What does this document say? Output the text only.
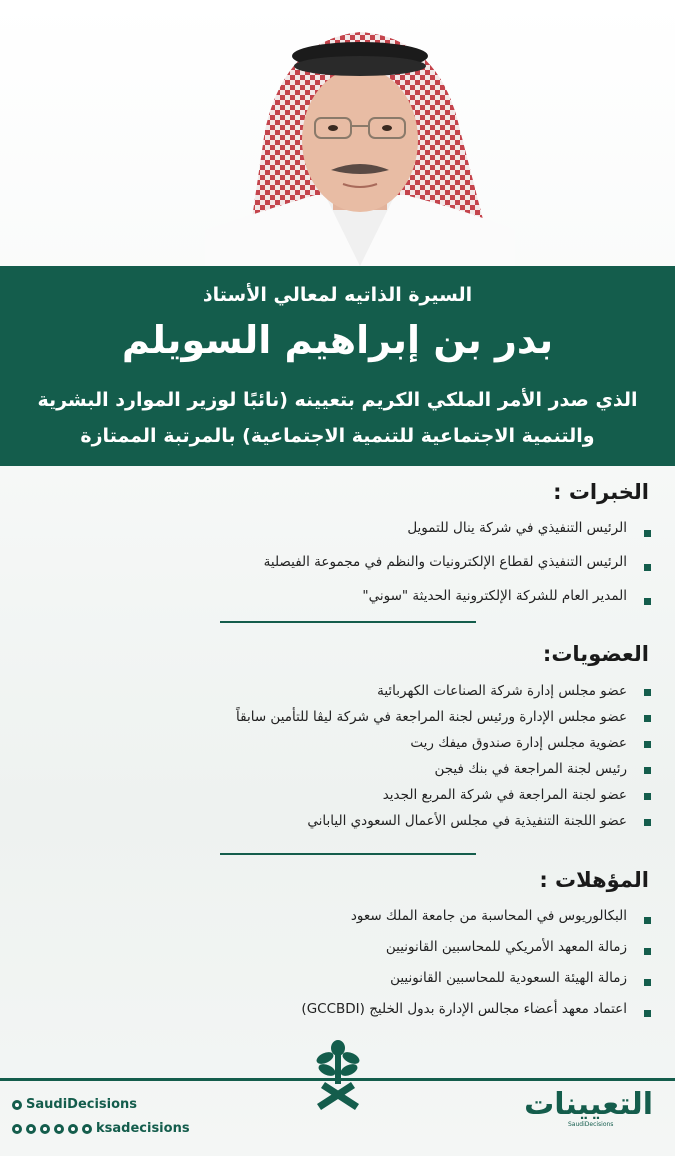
السيرة الذاتيه لمعالي الأستاذ
بدر بن إبراهيم السويلم
الذي صدر الأمر الملكي الكريم بتعيينه (نائبًا لوزير الموارد البشرية والتنمية الاجتماعية للتنمية الاجتماعية) بالمرتبة الممتازة
الخبرات :
الرئيس التنفيذي في شركة ينال للتمويل
الرئيس التنفيذي لقطاع الإلكترونيات والنظم في مجموعة الفيصلية
المدير العام للشركة الإلكترونية الحديثة "سوني"
العضويات:
عضو مجلس إدارة شركة الصناعات الكهربائية
عضو مجلس الإدارة ورئيس لجنة المراجعة في شركة ليڤا للتأمين سابقاً
عضوية مجلس إدارة صندوق ميفك ريت
رئيس لجنة المراجعة في بنك فيجن
عضو لجنة المراجعة في شركة المربع الجديد
عضو اللجنة التنفيذية في مجلس الأعمال السعودي الياباني
المؤهلات :
البكالوريوس في المحاسبة من جامعة الملك سعود
زمالة المعهد الأمريكي للمحاسبين القانونيين
زمالة الهيئة السعودية للمحاسبين القانونيين
اعتماد معهد أعضاء مجالس الإدارة بدول الخليج (GCCBDI)
SaudiDecisions
ksadecisions
التعيينات
SaudiDecisions
